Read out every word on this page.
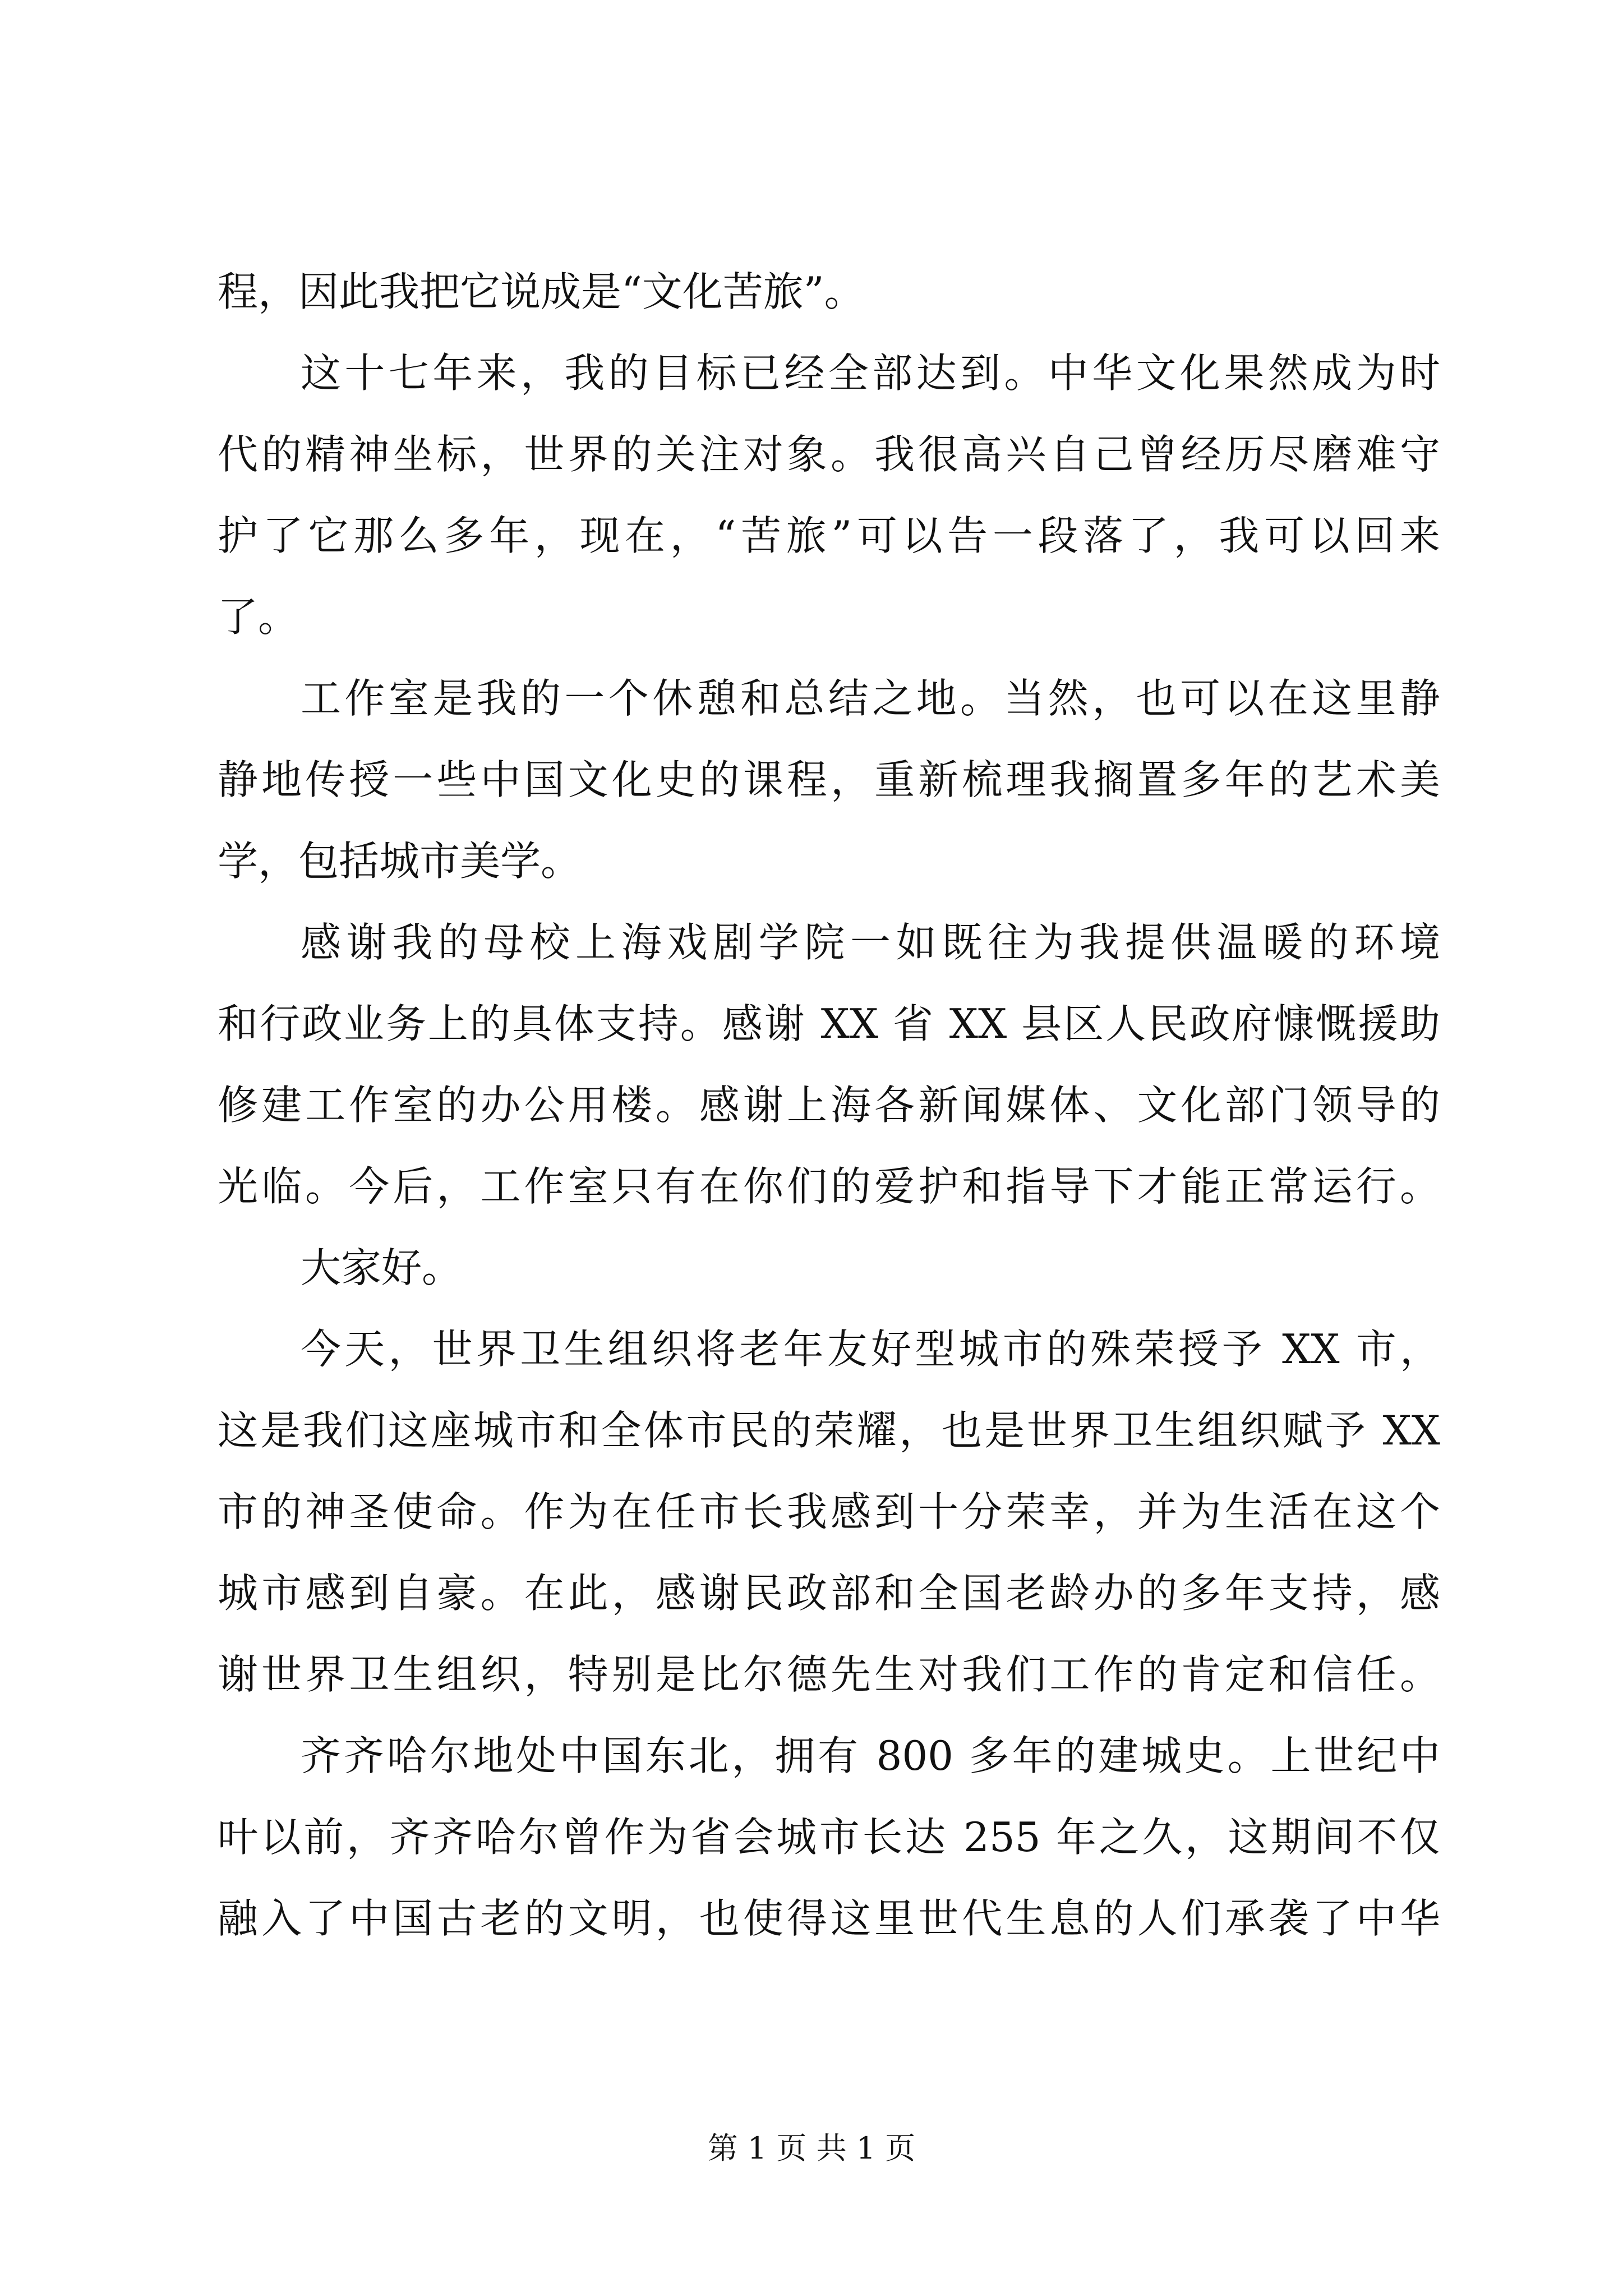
程，因此我把它说成是“文化苦旅”。
这十七年来，我的目标已经全部达到。中华文化果然成为时
代的精神坐标，世界的关注对象。我很高兴自己曾经历尽磨难守
护了它那么多年，现在，“苦旅”可以告一段落了，我可以回来
了。
工作室是我的一个休憩和总结之地。当然，也可以在这里静
静地传授一些中国文化史的课程，重新梳理我搁置多年的艺术美
学，包括城市美学。
感谢我的母校上海戏剧学院一如既往为我提供温暖的环境
和行政业务上的具体支持。感谢 XX 省 XX 县区人民政府慷慨援助
修建工作室的办公用楼。感谢上海各新闻媒体、文化部门领导的
光临。今后，工作室只有在你们的爱护和指导下才能正常运行。
大家好。
今天，世界卫生组织将老年友好型城市的殊荣授予 XX 市，
这是我们这座城市和全体市民的荣耀，也是世界卫生组织赋予 XX
市的神圣使命。作为在任市长我感到十分荣幸，并为生活在这个
城市感到自豪。在此，感谢民政部和全国老龄办的多年支持，感
谢世界卫生组织，特别是比尔德先生对我们工作的肯定和信任。
齐齐哈尔地处中国东北，拥有 800 多年的建城史。上世纪中
叶以前，齐齐哈尔曾作为省会城市长达 255 年之久，这期间不仅
融入了中国古老的文明，也使得这里世代生息的人们承袭了中华
第 1 页 共 1 页
